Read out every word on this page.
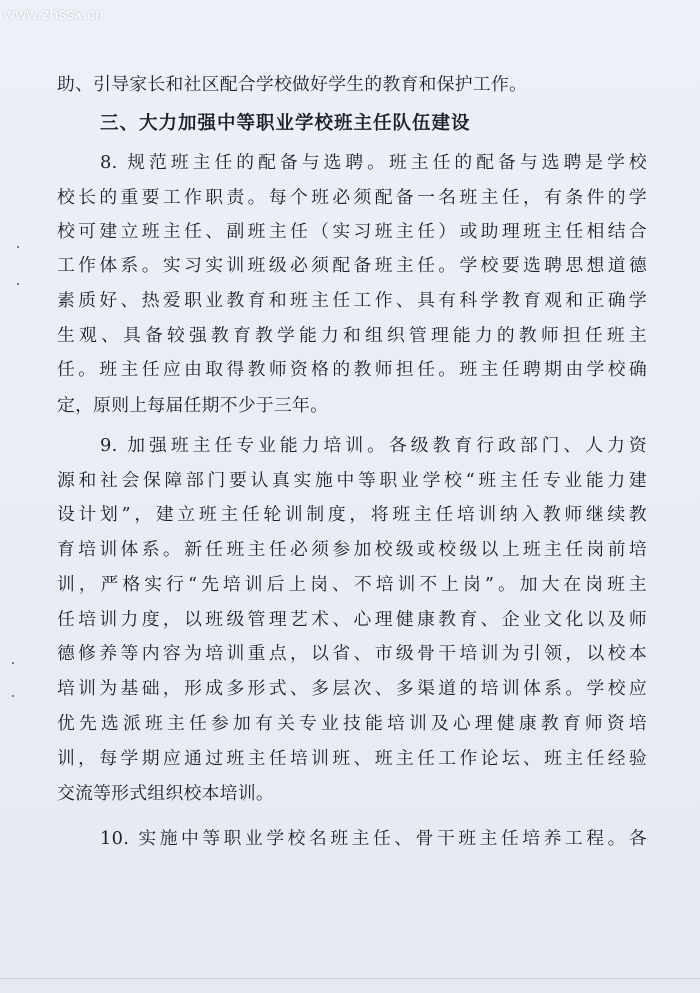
www.zhssx.cn
助、引导家长和社区配合学校做好学生的教育和保护工作。
三、大力加强中等职业学校班主任队伍建设
8. 规范班主任的配备与选聘。班主任的配备与选聘是学校
校长的重要工作职责。每个班必须配备一名班主任，有条件的学
校可建立班主任、副班主任（实习班主任）或助理班主任相结合
工作体系。实习实训班级必须配备班主任。学校要选聘思想道德
素质好、热爱职业教育和班主任工作、具有科学教育观和正确学
生观、具备较强教育教学能力和组织管理能力的教师担任班主
任。班主任应由取得教师资格的教师担任。班主任聘期由学校确
定，原则上每届任期不少于三年。
9. 加强班主任专业能力培训。各级教育行政部门、人力资
源和社会保障部门要认真实施中等职业学校“班主任专业能力建
设计划”，建立班主任轮训制度，将班主任培训纳入教师继续教
育培训体系。新任班主任必须参加校级或校级以上班主任岗前培
训，严格实行“先培训后上岗、不培训不上岗”。加大在岗班主
任培训力度，以班级管理艺术、心理健康教育、企业文化以及师
德修养等内容为培训重点，以省、市级骨干培训为引领，以校本
培训为基础，形成多形式、多层次、多渠道的培训体系。学校应
优先选派班主任参加有关专业技能培训及心理健康教育师资培
训，每学期应通过班主任培训班、班主任工作论坛、班主任经验
交流等形式组织校本培训。
10. 实施中等职业学校名班主任、骨干班主任培养工程。各
